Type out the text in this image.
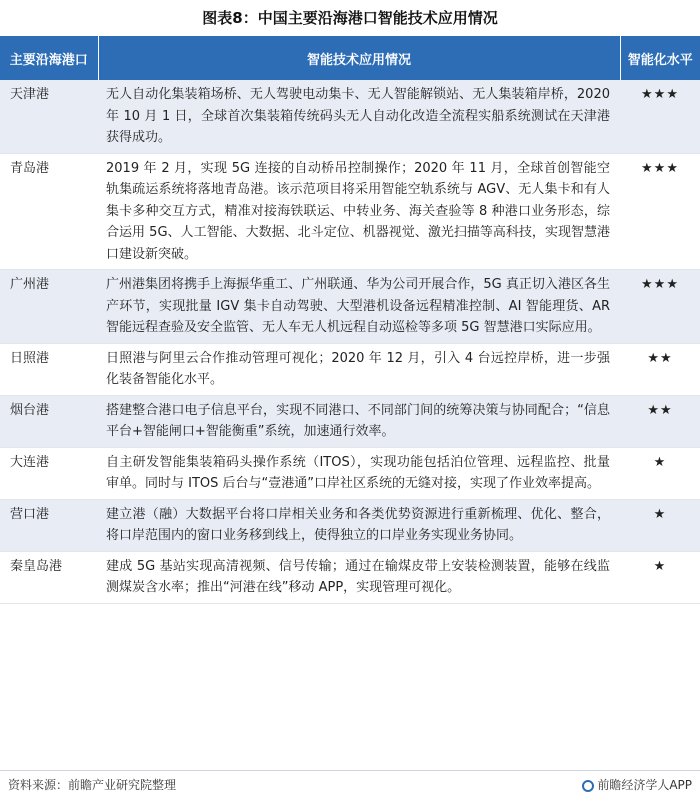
图表8：中国主要沿海港口智能技术应用情况
主要沿海港口	智能技术应用情况	智能化水平
天津港	无人自动化集装箱场桥、无人驾驶电动集卡、无人智能解锁站、无人集装箱岸桥，2020 年 10 月 1 日，全球首次集装箱传统码头无人自动化改造全流程实船系统测试在天津港获得成功。	★★★
青岛港	2019 年 2 月，实现 5G 连接的自动桥吊控制操作；2020 年 11 月，全球首创智能空轨集疏运系统将落地青岛港。该示范项目将采用智能空轨系统与 AGV、无人集卡和有人集卡多种交互方式，精准对接海铁联运、中转业务、海关查验等 8 种港口业务形态，综合运用 5G、人工智能、大数据、北斗定位、机器视觉、激光扫描等高科技，实现智慧港口建设新突破。	★★★
广州港	广州港集团将携手上海振华重工、广州联通、华为公司开展合作，5G 真正切入港区各生产环节，实现批量 IGV 集卡自动驾驶、大型港机设备远程精准控制、AI 智能理货、AR 智能远程查验及安全监管、无人车无人机远程自动巡检等多项 5G 智慧港口实际应用。	★★★
日照港	日照港与阿里云合作推动管理可视化；2020 年 12 月，引入 4 台远控岸桥，进一步强化装备智能化水平。	★★
烟台港	搭建整合港口电子信息平台，实现不同港口、不同部门间的统筹决策与协同配合；“信息平台+智能闸口+智能衡重”系统，加速通行效率。	★★
大连港	自主研发智能集装箱码头操作系统（ITOS），实现功能包括泊位管理、远程监控、批量审单。同时与 ITOS 后台与“壹港通”口岸社区系统的无缝对接，实现了作业效率提高。	★
营口港	建立港（融）大数据平台将口岸相关业务和各类优势资源进行重新梳理、优化、整合，将口岸范围内的窗口业务移到线上，使得独立的口岸业务实现业务协同。	★
秦皇岛港	建成 5G 基站实现高清视频、信号传输；通过在输煤皮带上安装检测装置，能够在线监测煤炭含水率；推出“河港在线”移动 APP，实现管理可视化。	★
资料来源：前瞻产业研究院整理	前瞻经济学人APP
